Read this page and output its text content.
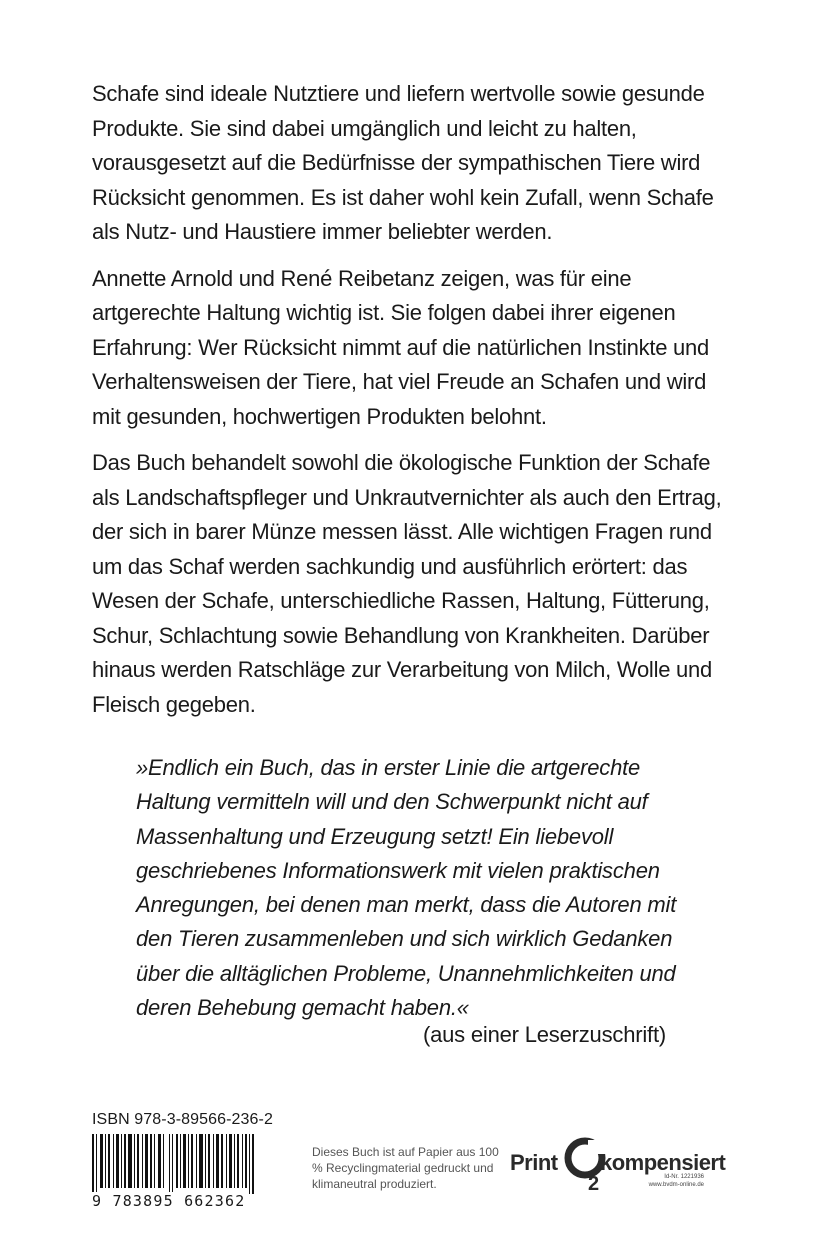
Schafe sind ideale Nutztiere und liefern wertvolle sowie gesunde Produkte. Sie sind dabei umgänglich und leicht zu halten, vorausgesetzt auf die Bedürfnisse der sympathischen Tiere wird Rücksicht genommen. Es ist daher wohl kein Zufall, wenn Schafe als Nutz- und Haustiere immer beliebter werden.

Annette Arnold und René Reibetanz zeigen, was für eine artgerechte Haltung wichtig ist. Sie folgen dabei ihrer eigenen Erfahrung: Wer Rücksicht nimmt auf die natürlichen Instinkte und Verhaltensweisen der Tiere, hat viel Freude an Schafen und wird mit gesunden, hochwertigen Produkten belohnt.

Das Buch behandelt sowohl die ökologische Funktion der Schafe als Landschaftspfleger und Unkrautvernichter als auch den Ertrag, der sich in barer Münze messen lässt. Alle wichtigen Fragen rund um das Schaf werden sachkundig und ausführlich erörtert: das Wesen der Schafe, unterschiedliche Rassen, Haltung, Fütterung, Schur, Schlachtung sowie Behandlung von Krankheiten. Darüber hinaus werden Ratschläge zur Verarbeitung von Milch, Wolle und Fleisch gegeben.

»Endlich ein Buch, das in erster Linie die artgerechte Haltung vermitteln will und den Schwerpunkt nicht auf Massenhaltung und Erzeugung setzt! Ein liebevoll geschriebenes Informationswerk mit vielen praktischen Anregungen, bei denen man merkt, dass die Autoren mit den Tieren zusammenleben und sich wirklich Gedanken über die alltäglichen Probleme, Unannehmlichkeiten und deren Behebung gemacht haben.«
(aus einer Leserzuschrift)
ISBN 978-3-89566-236-2
9 783895 662362
Dieses Buch ist auf Papier aus 100 % Recyclingmaterial gedruckt und klimaneutral produziert.
Print
2
kompensiert
Id-Nr. 1221936
www.bvdm-online.de
